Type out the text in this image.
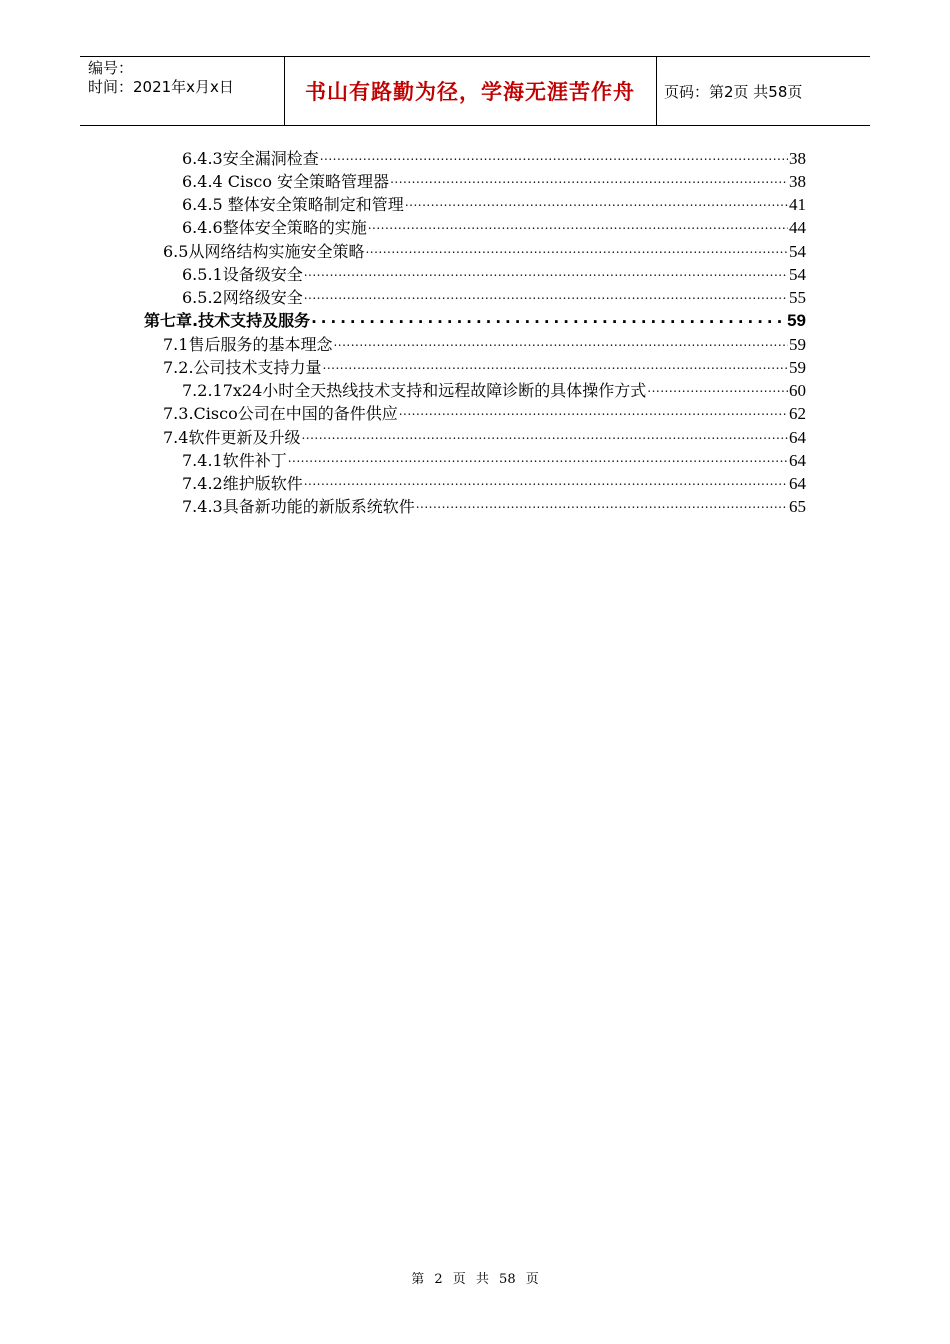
编号：
时间：2021年x月x日	书山有路勤为径，学海无涯苦作舟	页码：第2页 共58页
6.4.3安全漏洞检查 .....	38
6.4.4 Cisco 安全策略管理器 .....	38
6.4.5 整体安全策略制定和管理 .....	41
6.4.6整体安全策略的实施 .....	44
6.5从网络结构实施安全策略 .....	54
6.5.1设备级安全 .....	54
6.5.2网络级安全 .....	55
第七章.技术支持及服务 .....	59
7.1售后服务的基本理念 .....	59
7.2.公司技术支持力量 .....	59
7.2.17x24小时全天热线技术支持和远程故障诊断的具体操作方式 .....	60
7.3.Cisco公司在中国的备件供应 .....	62
7.4软件更新及升级 .....	64
7.4.1软件补丁 .....	64
7.4.2维护版软件 .....	64
7.4.3具备新功能的新版系统软件 .....	65
第 2 页 共 58 页
